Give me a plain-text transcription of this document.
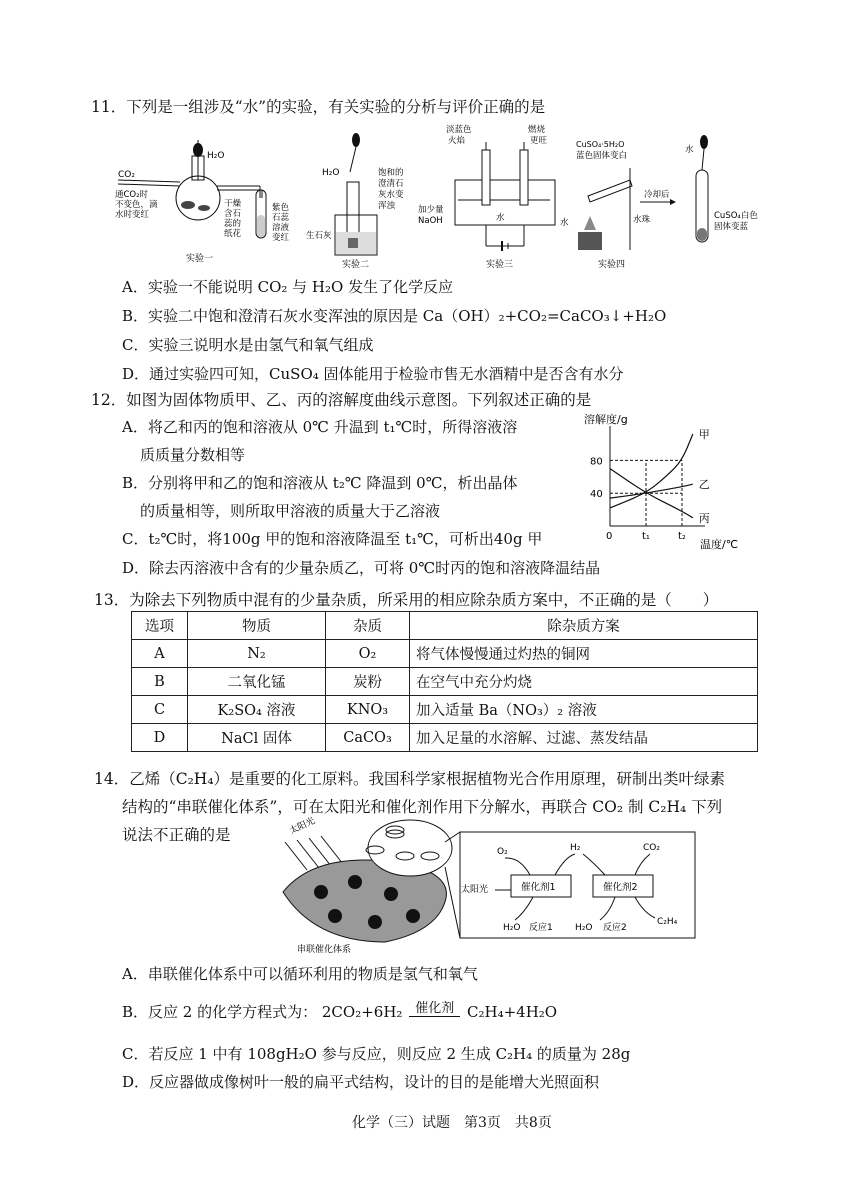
11．下列是一组涉及“水”的实验，有关实验的分析与评价正确的是
CO₂
H₂O
通CO₂时
不变色，滴
水时变红
干燥
含石
蕊的
纸花
紫色
石蕊
溶液
变红
实验一
H₂O	饱和的
澄清石
灰水变
浑浊
生石灰
实验二
淡蓝色
火焰
燃烧
更旺
水
加少量
NaOH
实验三
CuSO₄·5H₂O
蓝色固体变白
水	水珠
冷却后
实验四
水
CuSO₄白色
固体变蓝
A．实验一不能说明 CO₂ 与 H₂O 发生了化学反应
B．实验二中饱和澄清石灰水变浑浊的原因是 Ca（OH）₂+CO₂=CaCO₃↓+H₂O
C．实验三说明水是由氢气和氧气组成
D．通过实验四可知，CuSO₄ 固体能用于检验市售无水酒精中是否含有水分
12．如图为固体物质甲、乙、丙的溶解度曲线示意图。下列叙述正确的是
A．将乙和丙的饱和溶液从 0℃ 升温到 t₁℃时，所得溶液溶
质质量分数相等
B．分别将甲和乙的饱和溶液从 t₂℃ 降温到 0℃，析出晶体
的质量相等，则所取甲溶液的质量大于乙溶液
C．t₂℃时，将100g 甲的饱和溶液降温至 t₁℃，可析出40g 甲
D．除去丙溶液中含有的少量杂质乙，可将 0℃时丙的饱和溶液降温结晶
溶解度/g
温度/℃
0	t₁	t₂
40
80
甲
乙
丙
13．为除去下列物质中混有的少量杂质，所采用的相应除杂质方案中，不正确的是（　　）
选项	物质	杂质	除杂质方案
A	N₂	O₂	将气体慢慢通过灼热的铜网
B	二氧化锰	炭粉	在空气中充分灼烧
C	K₂SO₄ 溶液	KNO₃	加入适量 Ba（NO₃）₂ 溶液
D	NaCl 固体	CaCO₃	加入足量的水溶解、过滤、蒸发结晶
14．乙烯（C₂H₄）是重要的化工原料。我国科学家根据植物光合作用原理，研制出类叶绿素
结构的“串联催化体系”，可在太阳光和催化剂作用下分解水，再联合 CO₂ 制 C₂H₄ 下列
说法不正确的是	太阳光
串联催化体系
O₂	H₂	CO₂
太阳光	催化剂1	催化剂2
H₂O 反应1 H₂O 反应2
C₂H₄
A．串联催化体系中可以循环利用的物质是氢气和氧气
B．反应 2 的化学方程式为： 2CO₂+6H₂ 催化剂 C₂H₄+4H₂O
C．若反应 1 中有 108gH₂O 参与反应，则反应 2 生成 C₂H₄ 的质量为 28g
D．反应器做成像树叶一般的扁平式结构，设计的目的是能增大光照面积
化学（三）试题　第3页　共8页
